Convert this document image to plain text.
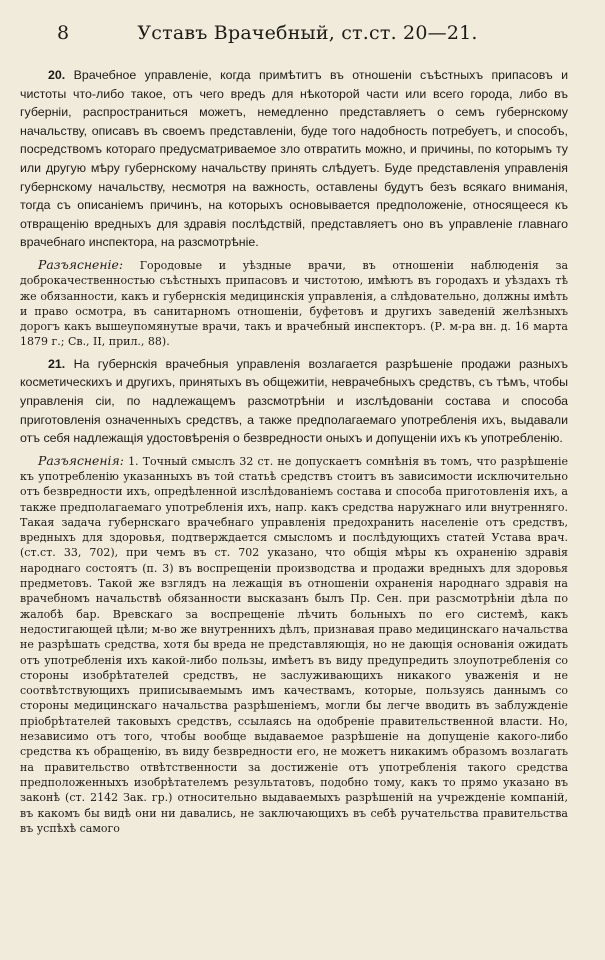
8	Уставъ Врачебный, ст.ст. 20—21.

20. Врачебное управленіе, когда примѣтитъ въ отношеніи съѣстныхъ припасовъ и чистоты что-либо такое, отъ чего вредъ для нѣкоторой части или всего города, либо въ губерніи, распространиться можетъ, немедленно представляетъ о семъ губернскому начальству, описавъ въ своемъ представленіи, буде того надобность потребуетъ, и способъ, посредствомъ котораго предусматриваемое зло отвратить можно, и причины, по которымъ ту или другую мѣру губернскому начальству принять слѣдуетъ. Буде представленія управленія губернскому начальству, несмотря на важность, оставлены будутъ безъ всякаго вниманія, тогда съ описаніемъ причинъ, на которыхъ основывается предположеніе, относящееся къ отвращенію вредныхъ для здравія послѣдствій, представляетъ оно въ управленіе главнаго врачебнаго инспектора, на разсмотрѣніе.

Разъясненіе: Городовые и уѣздные врачи, въ отношеніи наблюденія за доброкачественностью съѣстныхъ припасовъ и чистотою, имѣютъ въ городахъ и уѣздахъ тѣ же обязанности, какъ и губернскія медицинскія управленія, а слѣдовательно, должны имѣть и право осмотра, въ санитарномъ отношеніи, буфетовъ и другихъ заведеній желѣзныхъ дорогъ какъ вышеупомянутые врачи, такъ и врачебный инспекторъ. (Р. м-ра вн. д. 16 марта 1879 г.; Св., II, прил., 88).

21. На губернскія врачебныя управленія возлагается разрѣшеніе продажи разныхъ косметическихъ и другихъ, принятыхъ въ общежитіи, неврачебныхъ средствъ, съ тѣмъ, чтобы управленія сіи, по надлежащемъ разсмотрѣніи и изслѣдованіи состава и способа приготовленія означенныхъ средствъ, а также предполагаемаго употребленія ихъ, выдавали отъ себя надлежащія удостовѣренія о безвредности оныхъ и допущеніи ихъ къ употребленію.

Разъясненія: 1. Точный смыслъ 32 ст. не допускаетъ сомнѣнія въ томъ, что разрѣшеніе къ употребленію указанныхъ въ той статьѣ средствъ стоитъ въ зависимости исключительно отъ безвредности ихъ, опредѣленной изслѣдованіемъ состава и способа приготовленія ихъ, а также предполагаемаго употребленія ихъ, напр. какъ средства наружнаго или внутренняго. Такая задача губернскаго врачебнаго управленія предохранить населеніе отъ средствъ, вредныхъ для здоровья, подтверждается смысломъ и послѣдующихъ статей Устава врач. (ст.ст. 33, 702), при чемъ въ ст. 702 указано, что общія мѣры къ охраненію здравія народнаго состоятъ (п. 3) въ воспрещеніи производства и продажи вредныхъ для здоровья предметовъ. Такой же взглядъ на лежащія въ отношеніи охраненія народнаго здравія на врачебномъ начальствѣ обязанности высказанъ былъ Пр. Сен. при разсмотрѣніи дѣла по жалобѣ бар. Вревскаго за воспрещеніе лѣчить больныхъ по его системѣ, какъ недостигающей цѣли; м-во же внутреннихъ дѣлъ, признавая право медицинскаго начальства не разрѣшать средства, хотя бы вреда не представляющія, но не дающія основанія ожидать отъ употребленія ихъ какой-либо пользы, имѣетъ въ виду предупредить злоупотребленія со стороны изобрѣтателей средствъ, не заслуживающихъ никакого уваженія и не соотвѣтствующихъ приписываемымъ имъ качествамъ, которые, пользуясь даннымъ со стороны медицинскаго начальства разрѣшеніемъ, могли бы легче вводить въ заблужденіе пріобрѣтателей таковыхъ средствъ, ссылаясь на одобреніе правительственной власти. Но, независимо отъ того, чтобы вообще выдаваемое разрѣшеніе на допущеніе какого-либо средства къ обращенію, въ виду безвредности его, не можетъ никакимъ образомъ возлагать на правительство отвѣтственности за достиженіе отъ употребленія такого средства предположенныхъ изобрѣтателемъ результатовъ, подобно тому, какъ то прямо указано въ законѣ (ст. 2142 Зак. гр.) относительно выдаваемыхъ разрѣшеній на учрежденіе компаній, въ какомъ бы видѣ они ни давались, не заключающихъ въ себѣ ручательства правительства въ успѣхѣ самого
